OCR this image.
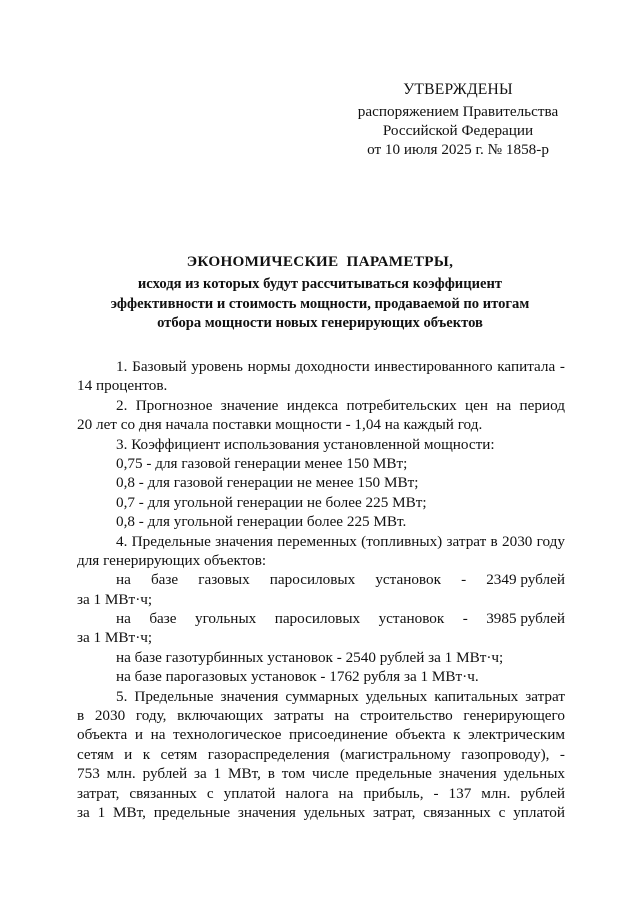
УТВЕРЖДЕНЫ
распоряжением Правительства
Российской Федерации
от 10 июля 2025 г. № 1858-р
ЭКОНОМИЧЕСКИЕ ПАРАМЕТРЫ,
исходя из которых будут рассчитываться коэффициент
эффективности и стоимость мощности, продаваемой по итогам
отбора мощности новых генерирующих объектов
1. Базовый уровень нормы доходности инвестированного капитала -
14 процентов.
2. Прогнозное значение индекса потребительских цен на период
20 лет со дня начала поставки мощности - 1,04 на каждый год.
3. Коэффициент использования установленной мощности:
0,75 - для газовой генерации менее 150 МВт;
0,8 - для газовой генерации не менее 150 МВт;
0,7 - для угольной генерации не более 225 МВт;
0,8 - для угольной генерации более 225 МВт.
4. Предельные значения переменных (топливных) затрат в 2030 году
для генерирующих объектов:
на базе газовых паросиловых установок - 2349 рублей
за 1 МВт·ч;
на базе угольных паросиловых установок - 3985 рублей
за 1 МВт·ч;
на базе газотурбинных установок - 2540 рублей за 1 МВт·ч;
на базе парогазовых установок - 1762 рубля за 1 МВт·ч.
5. Предельные значения суммарных удельных капитальных затрат
в 2030 году, включающих затраты на строительство генерирующего
объекта и на технологическое присоединение объекта к электрическим
сетям и к сетям газораспределения (магистральному газопроводу), -
753 млн. рублей за 1 МВт, в том числе предельные значения удельных
затрат, связанных с уплатой налога на прибыль, - 137 млн. рублей
за 1 МВт, предельные значения удельных затрат, связанных с уплатой
